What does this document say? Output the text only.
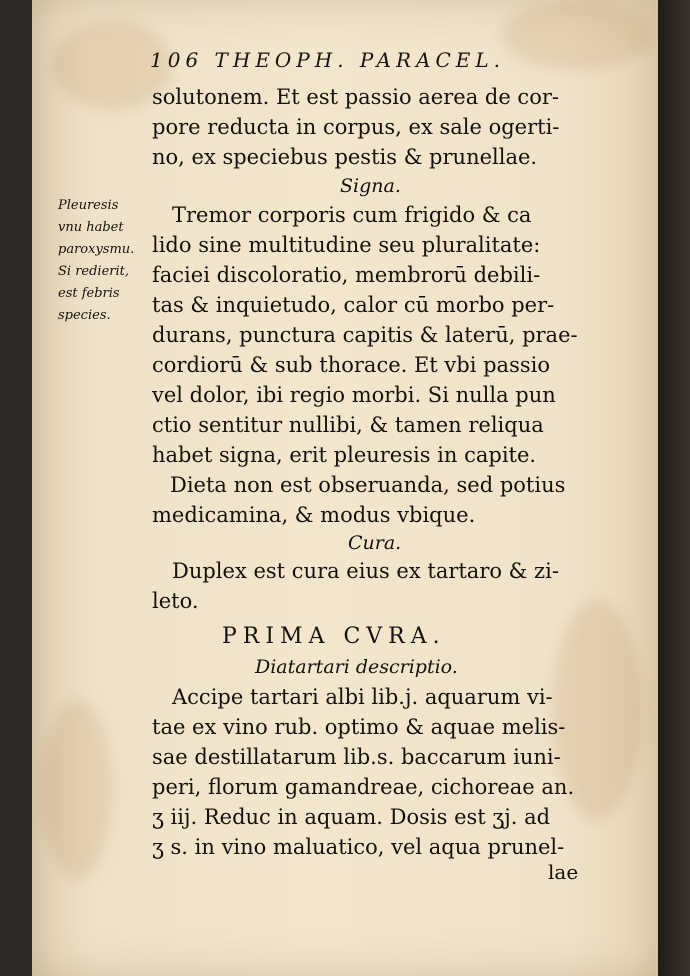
106 THEOPH. PARACEL.
Pleuresis
vnu habet
paroxysmu.
Si redierit,
est febris
species.
solutonem. Et est passio aerea de cor-
pore reducta in corpus, ex sale ogerti-
no, ex speciebus pestis & prunellae.
Signa.
Tremor corporis cum frigido & ca
lido sine multitudine seu pluralitate:
faciei discoloratio, membrorū debili-
tas & inquietudo, calor cū morbo per-
durans, punctura capitis & laterū, prae-
cordiorū & sub thorace. Et vbi passio
vel dolor, ibi regio morbi. Si nulla pun
ctio sentitur nullibi, & tamen reliqua
habet signa, erit pleuresis in capite.
Dieta non est obseruanda, sed potius
medicamina, & modus vbique.
Cura.
Duplex est cura eius ex tartaro & zi-
leto.
PRIMA CVRA.
Diatartari descriptio.
Accipe tartari albi lib.j. aquarum vi-
tae ex vino rub. optimo & aquae melis-
sae destillatarum lib.s. baccarum iuni-
peri, florum gamandreae, cichoreae an.
ʒ iij. Reduc in aquam. Dosis est ʒj. ad
ʒ s. in vino maluatico, vel aqua prunel-
lae
